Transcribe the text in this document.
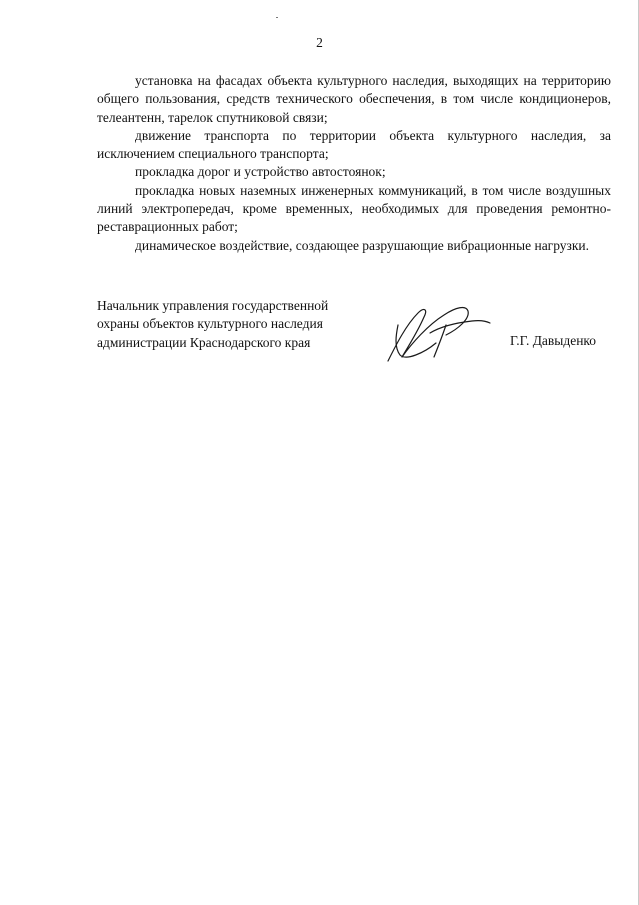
2

установка на фасадах объекта культурного наследия, выходящих на территорию общего пользования, средств технического обеспечения, в том числе кондиционеров, телеантенн, тарелок спутниковой связи;

движение транспорта по территории объекта культурного наследия, за исключением специального транспорта;

прокладка дорог и устройство автостоянок;

прокладка новых наземных инженерных коммуникаций, в том числе воздушных линий электропередач, кроме временных, необходимых для проведения ремонтно-реставрационных работ;

динамическое воздействие, создающее разрушающие вибрационные нагрузки.

Начальник управления государственной
охраны объектов культурного наследия
администрации Краснодарского края	Г.Г. Давыденко
